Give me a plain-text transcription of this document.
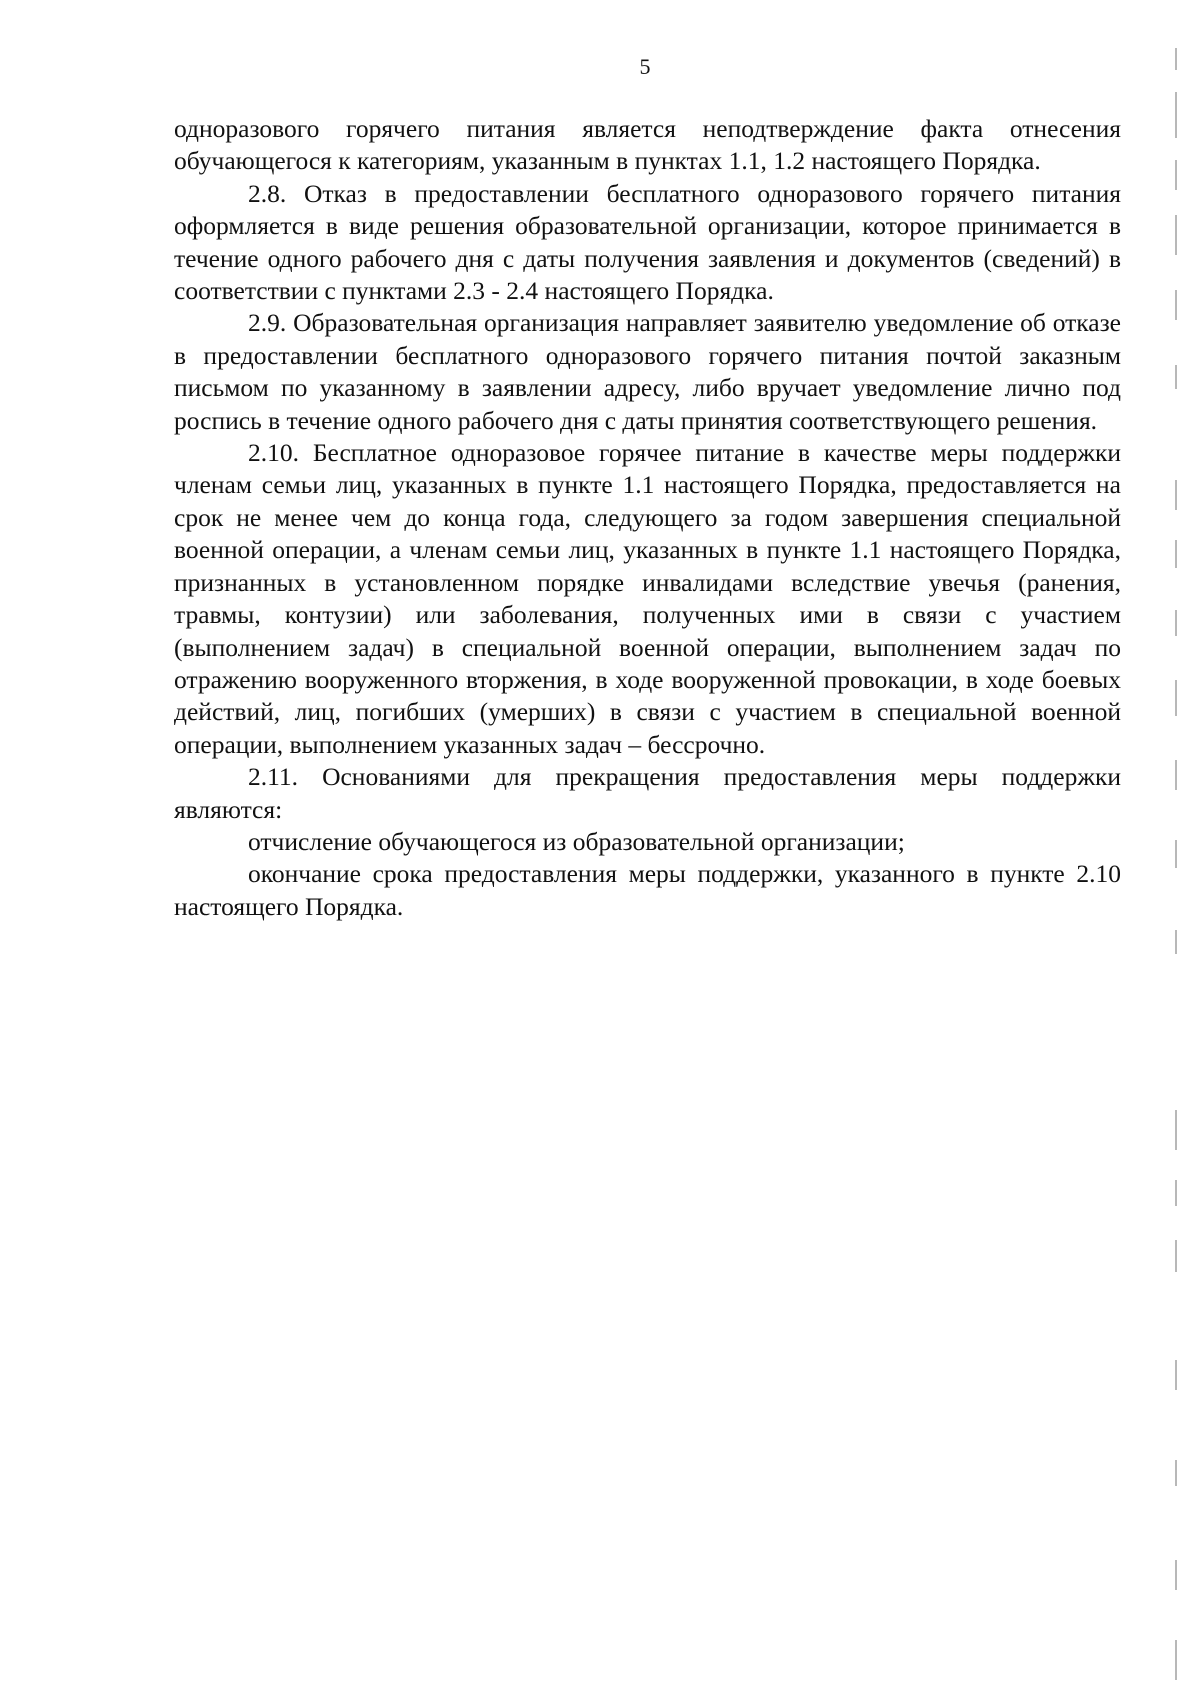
5

одноразового горячего питания является неподтверждение факта отнесения обучающегося к категориям, указанным в пунктах 1.1, 1.2 настоящего Порядка.

2.8. Отказ в предоставлении бесплатного одноразового горячего питания оформляется в виде решения образовательной организации, которое принимается в течение одного рабочего дня с даты получения заявления и документов (сведений) в соответствии с пунктами 2.3 - 2.4 настоящего Порядка.

2.9. Образовательная организация направляет заявителю уведомление об отказе в предоставлении бесплатного одноразового горячего питания почтой заказным письмом по указанному в заявлении адресу, либо вручает уведомление лично под роспись в течение одного рабочего дня с даты принятия соответствующего решения.

2.10. Бесплатное одноразовое горячее питание в качестве меры поддержки членам семьи лиц, указанных в пункте 1.1 настоящего Порядка, предоставляется на срок не менее чем до конца года, следующего за годом завершения специальной военной операции, а членам семьи лиц, указанных в пункте 1.1 настоящего Порядка, признанных в установленном порядке инвалидами вследствие увечья (ранения, травмы, контузии) или заболевания, полученных ими в связи с участием (выполнением задач) в специальной военной операции, выполнением задач по отражению вооруженного вторжения, в ходе вооруженной провокации, в ходе боевых действий, лиц, погибших (умерших) в связи с участием в специальной военной операции, выполнением указанных задач – бессрочно.

2.11. Основаниями для прекращения предоставления меры поддержки являются:

отчисление обучающегося из образовательной организации;

окончание срока предоставления меры поддержки, указанного в пункте 2.10 настоящего Порядка.
